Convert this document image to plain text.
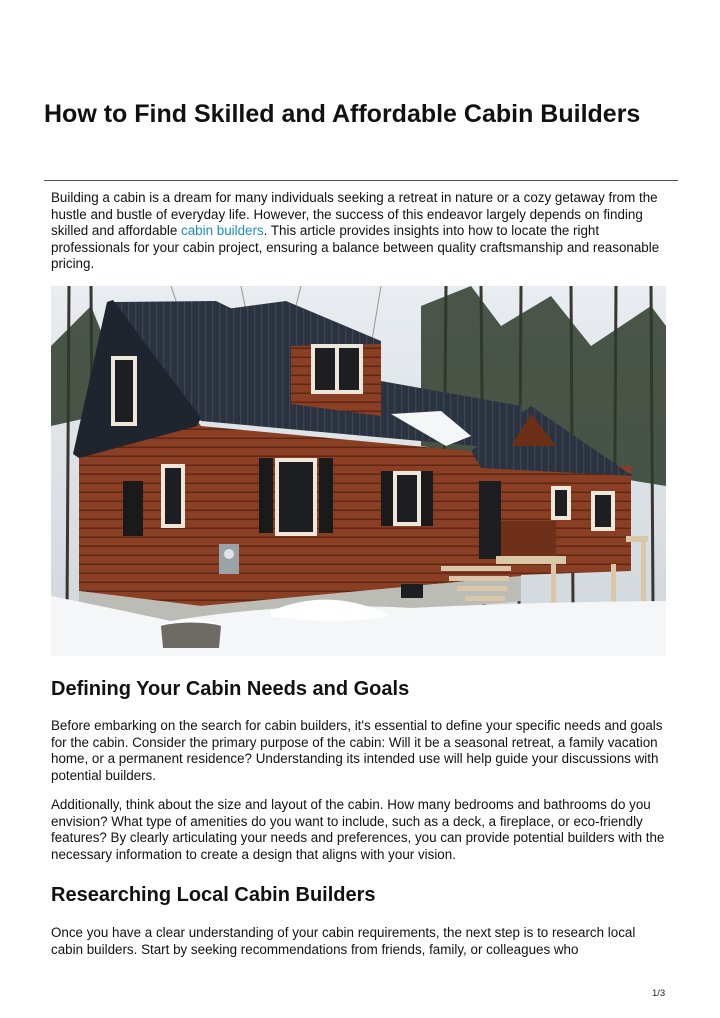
How to Find Skilled and Affordable Cabin Builders

Building a cabin is a dream for many individuals seeking a retreat in nature or a cozy getaway from the hustle and bustle of everyday life. However, the success of this endeavor largely depends on finding skilled and affordable cabin builders. This article provides insights into how to locate the right professionals for your cabin project, ensuring a balance between quality craftsmanship and reasonable pricing.

Defining Your Cabin Needs and Goals

Before embarking on the search for cabin builders, it's essential to define your specific needs and goals for the cabin. Consider the primary purpose of the cabin: Will it be a seasonal retreat, a family vacation home, or a permanent residence? Understanding its intended use will help guide your discussions with potential builders.

Additionally, think about the size and layout of the cabin. How many bedrooms and bathrooms do you envision? What type of amenities do you want to include, such as a deck, a fireplace, or eco-friendly features? By clearly articulating your needs and preferences, you can provide potential builders with the necessary information to create a design that aligns with your vision.

Researching Local Cabin Builders

Once you have a clear understanding of your cabin requirements, the next step is to research local cabin builders. Start by seeking recommendations from friends, family, or colleagues who

1/3
